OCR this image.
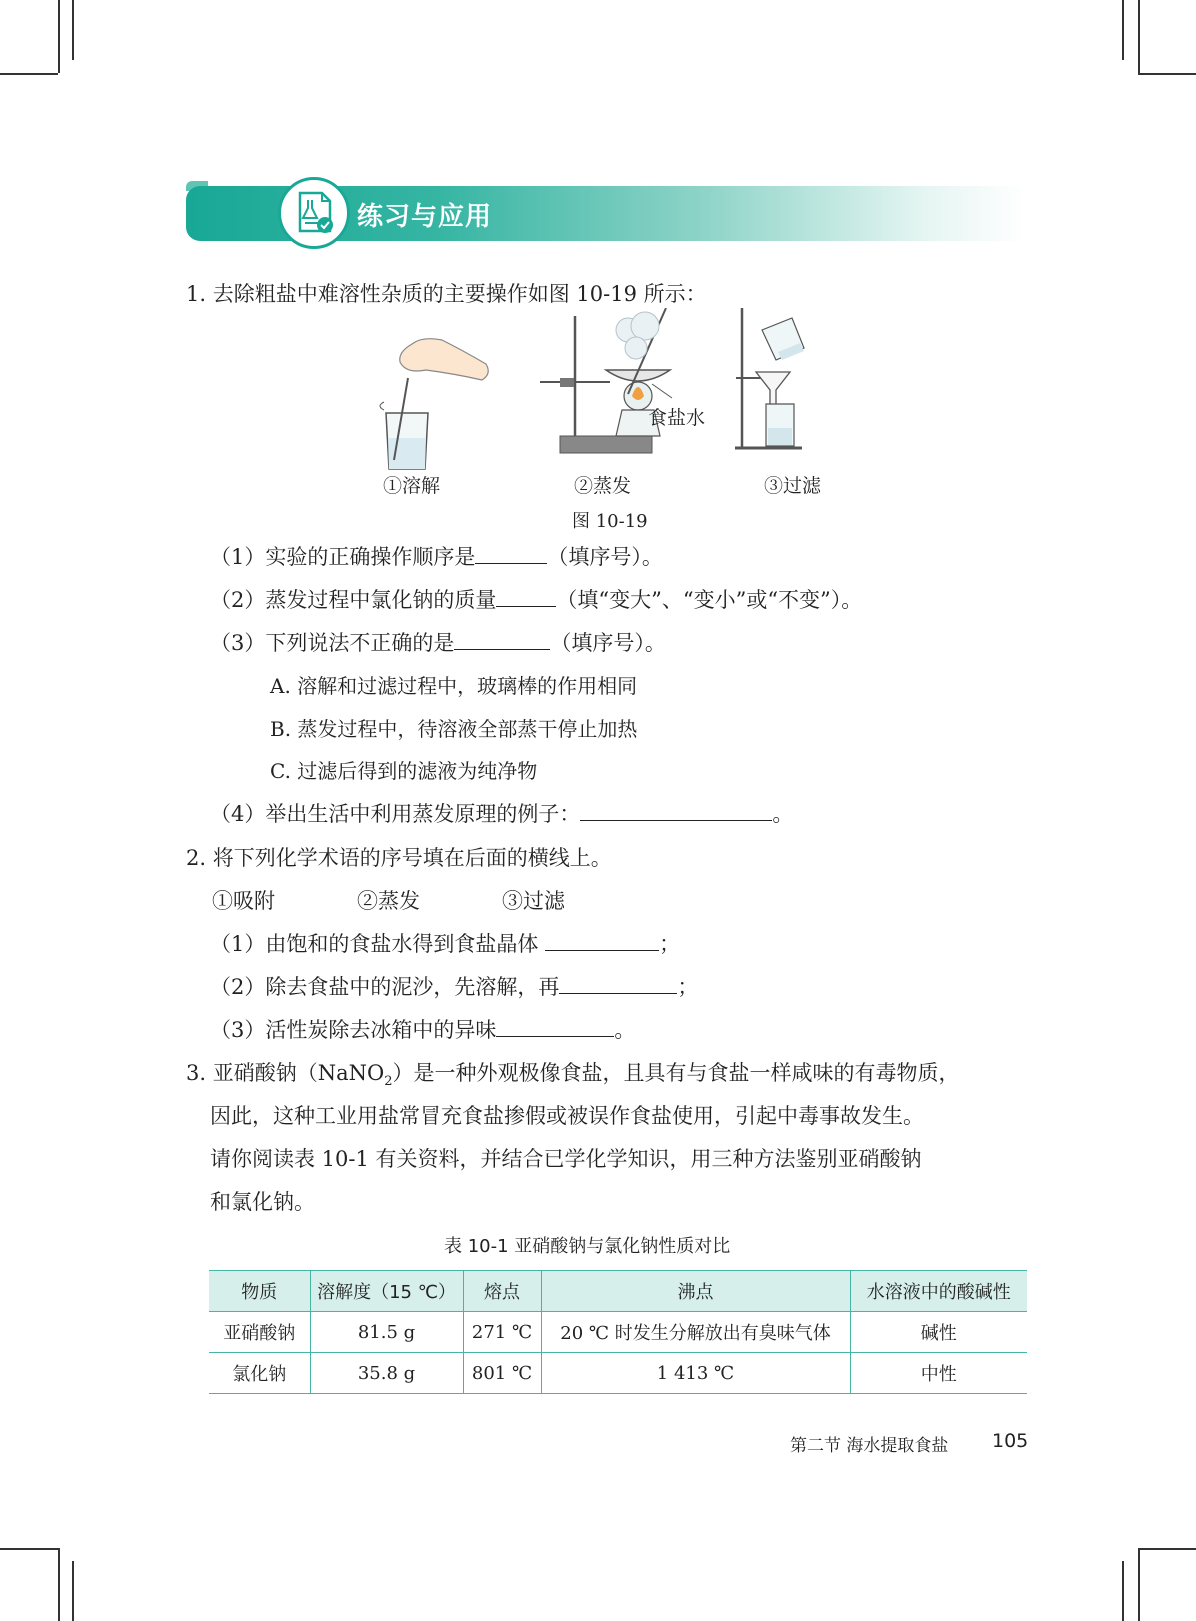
练习与应用
1. 去除粗盐中难溶性杂质的主要操作如图 10-19 所示：
食盐水
①溶解	②蒸发	③过滤
图 10-19
（1）实验的正确操作顺序是	（填序号）。
（2）蒸发过程中氯化钠的质量	（填“变大”、“变小”或“不变”）。
（3）下列说法不正确的是	（填序号）。
A. 溶解和过滤过程中，玻璃棒的作用相同
B. 蒸发过程中，待溶液全部蒸干停止加热
C. 过滤后得到的滤液为纯净物
（4）举出生活中利用蒸发原理的例子：	。
2. 将下列化学术语的序号填在后面的横线上。
①吸附	②蒸发	③过滤
（1）由饱和的食盐水得到食盐晶体	；
（2）除去食盐中的泥沙，先溶解，再	；
（3）活性炭除去冰箱中的异味	。
3. 亚硝酸钠（NaNO$_2$）是一种外观极像食盐，且具有与食盐一样咸味的有毒物质，
因此，这种工业用盐常冒充食盐掺假或被误作食盐使用，引起中毒事故发生。
请你阅读表 10-1 有关资料，并结合已学化学知识，用三种方法鉴别亚硝酸钠
和氯化钠。
表 10-1 亚硝酸钠与氯化钠性质对比
物质	溶解度（15 ℃）	熔点	沸点	水溶液中的酸碱性
亚硝酸钠	81.5 g	271 ℃	20 ℃ 时发生分解放出有臭味气体	碱性
氯化钠	35.8 g	801 ℃	1 413 ℃	中性
第二节 海水提取食盐 105
